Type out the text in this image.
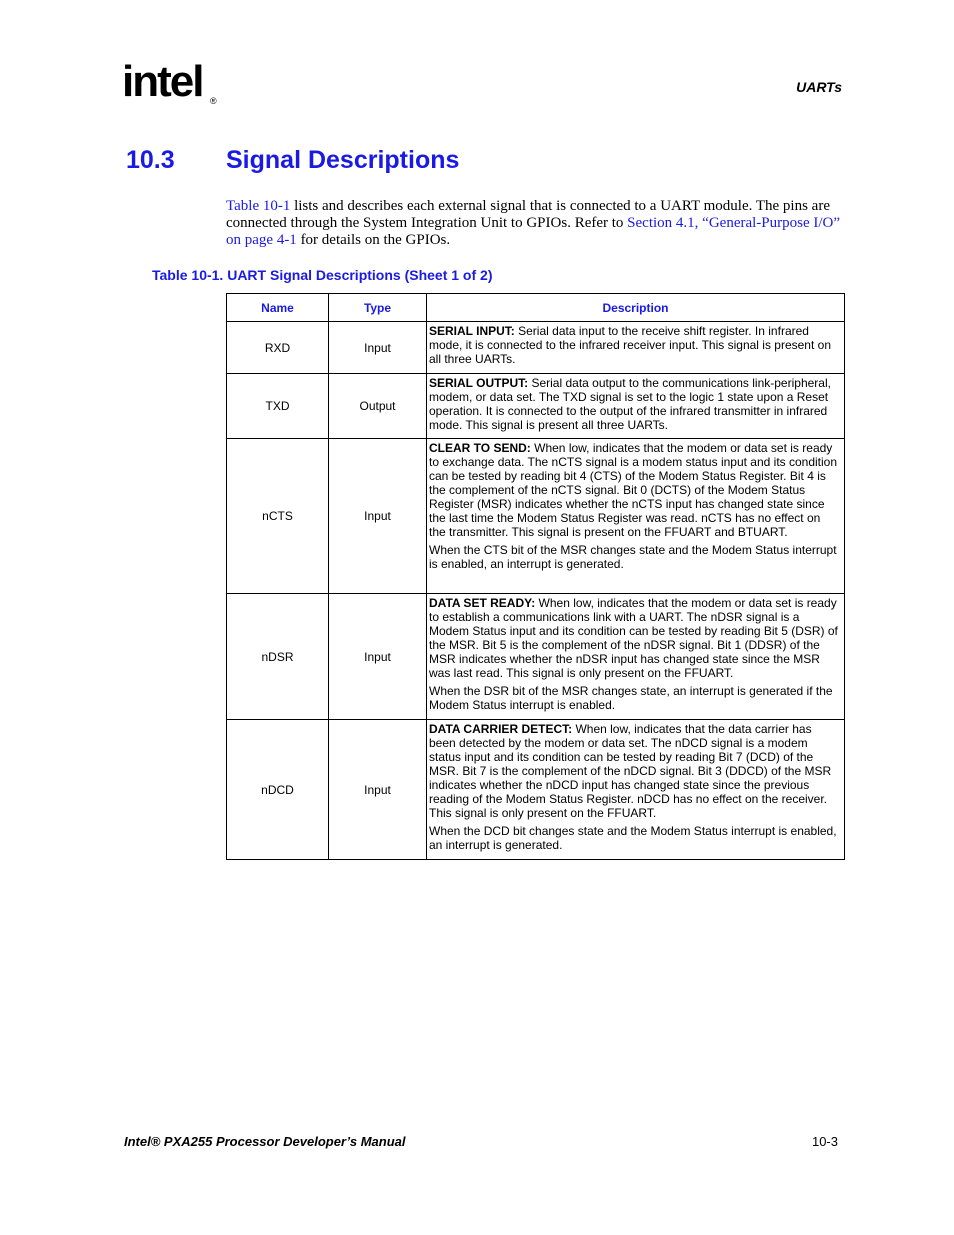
intel ®
UARTs
10.3 Signal Descriptions
Table 10-1 lists and describes each external signal that is connected to a UART module. The pins are connected through the System Integration Unit to GPIOs. Refer to Section 4.1, “General-Purpose I/O” on page 4-1 for details on the GPIOs.
Table 10-1. UART Signal Descriptions (Sheet 1 of 2)
Name	Type	Description
RXD	Input	SERIAL INPUT: Serial data input to the receive shift register. In infrared mode, it is connected to the infrared receiver input. This signal is present on all three UARTs.

TXD	Output	SERIAL OUTPUT: Serial data output to the communications link-peripheral, modem, or data set. The TXD signal is set to the logic 1 state upon a Reset operation. It is connected to the output of the infrared transmitter in infrared mode. This signal is present all three UARTs.

nCTS	Input	CLEAR TO SEND: When low, indicates that the modem or data set is ready to exchange data. The nCTS signal is a modem status input and its condition can be tested by reading bit 4 (CTS) of the Modem Status Register. Bit 4 is the complement of the nCTS signal. Bit 0 (DCTS) of the Modem Status Register (MSR) indicates whether the nCTS input has changed state since the last time the Modem Status Register was read. nCTS has no effect on the transmitter. This signal is present on the FFUART and BTUART.

When the CTS bit of the MSR changes state and the Modem Status interrupt is enabled, an interrupt is generated.

nDSR	Input	DATA SET READY: When low, indicates that the modem or data set is ready to establish a communications link with a UART. The nDSR signal is a Modem Status input and its condition can be tested by reading Bit 5 (DSR) of the MSR. Bit 5 is the complement of the nDSR signal. Bit 1 (DDSR) of the MSR indicates whether the nDSR input has changed state since the MSR was last read. This signal is only present on the FFUART.

When the DSR bit of the MSR changes state, an interrupt is generated if the Modem Status interrupt is enabled.

nDCD	Input	DATA CARRIER DETECT: When low, indicates that the data carrier has been detected by the modem or data set. The nDCD signal is a modem status input and its condition can be tested by reading Bit 7 (DCD) of the MSR. Bit 7 is the complement of the nDCD signal. Bit 3 (DDCD) of the MSR indicates whether the nDCD input has changed state since the previous reading of the Modem Status Register. nDCD has no effect on the receiver. This signal is only present on the FFUART.

When the DCD bit changes state and the Modem Status interrupt is enabled, an interrupt is generated.

Intel® PXA255 Processor Developer’s Manual	10-3
